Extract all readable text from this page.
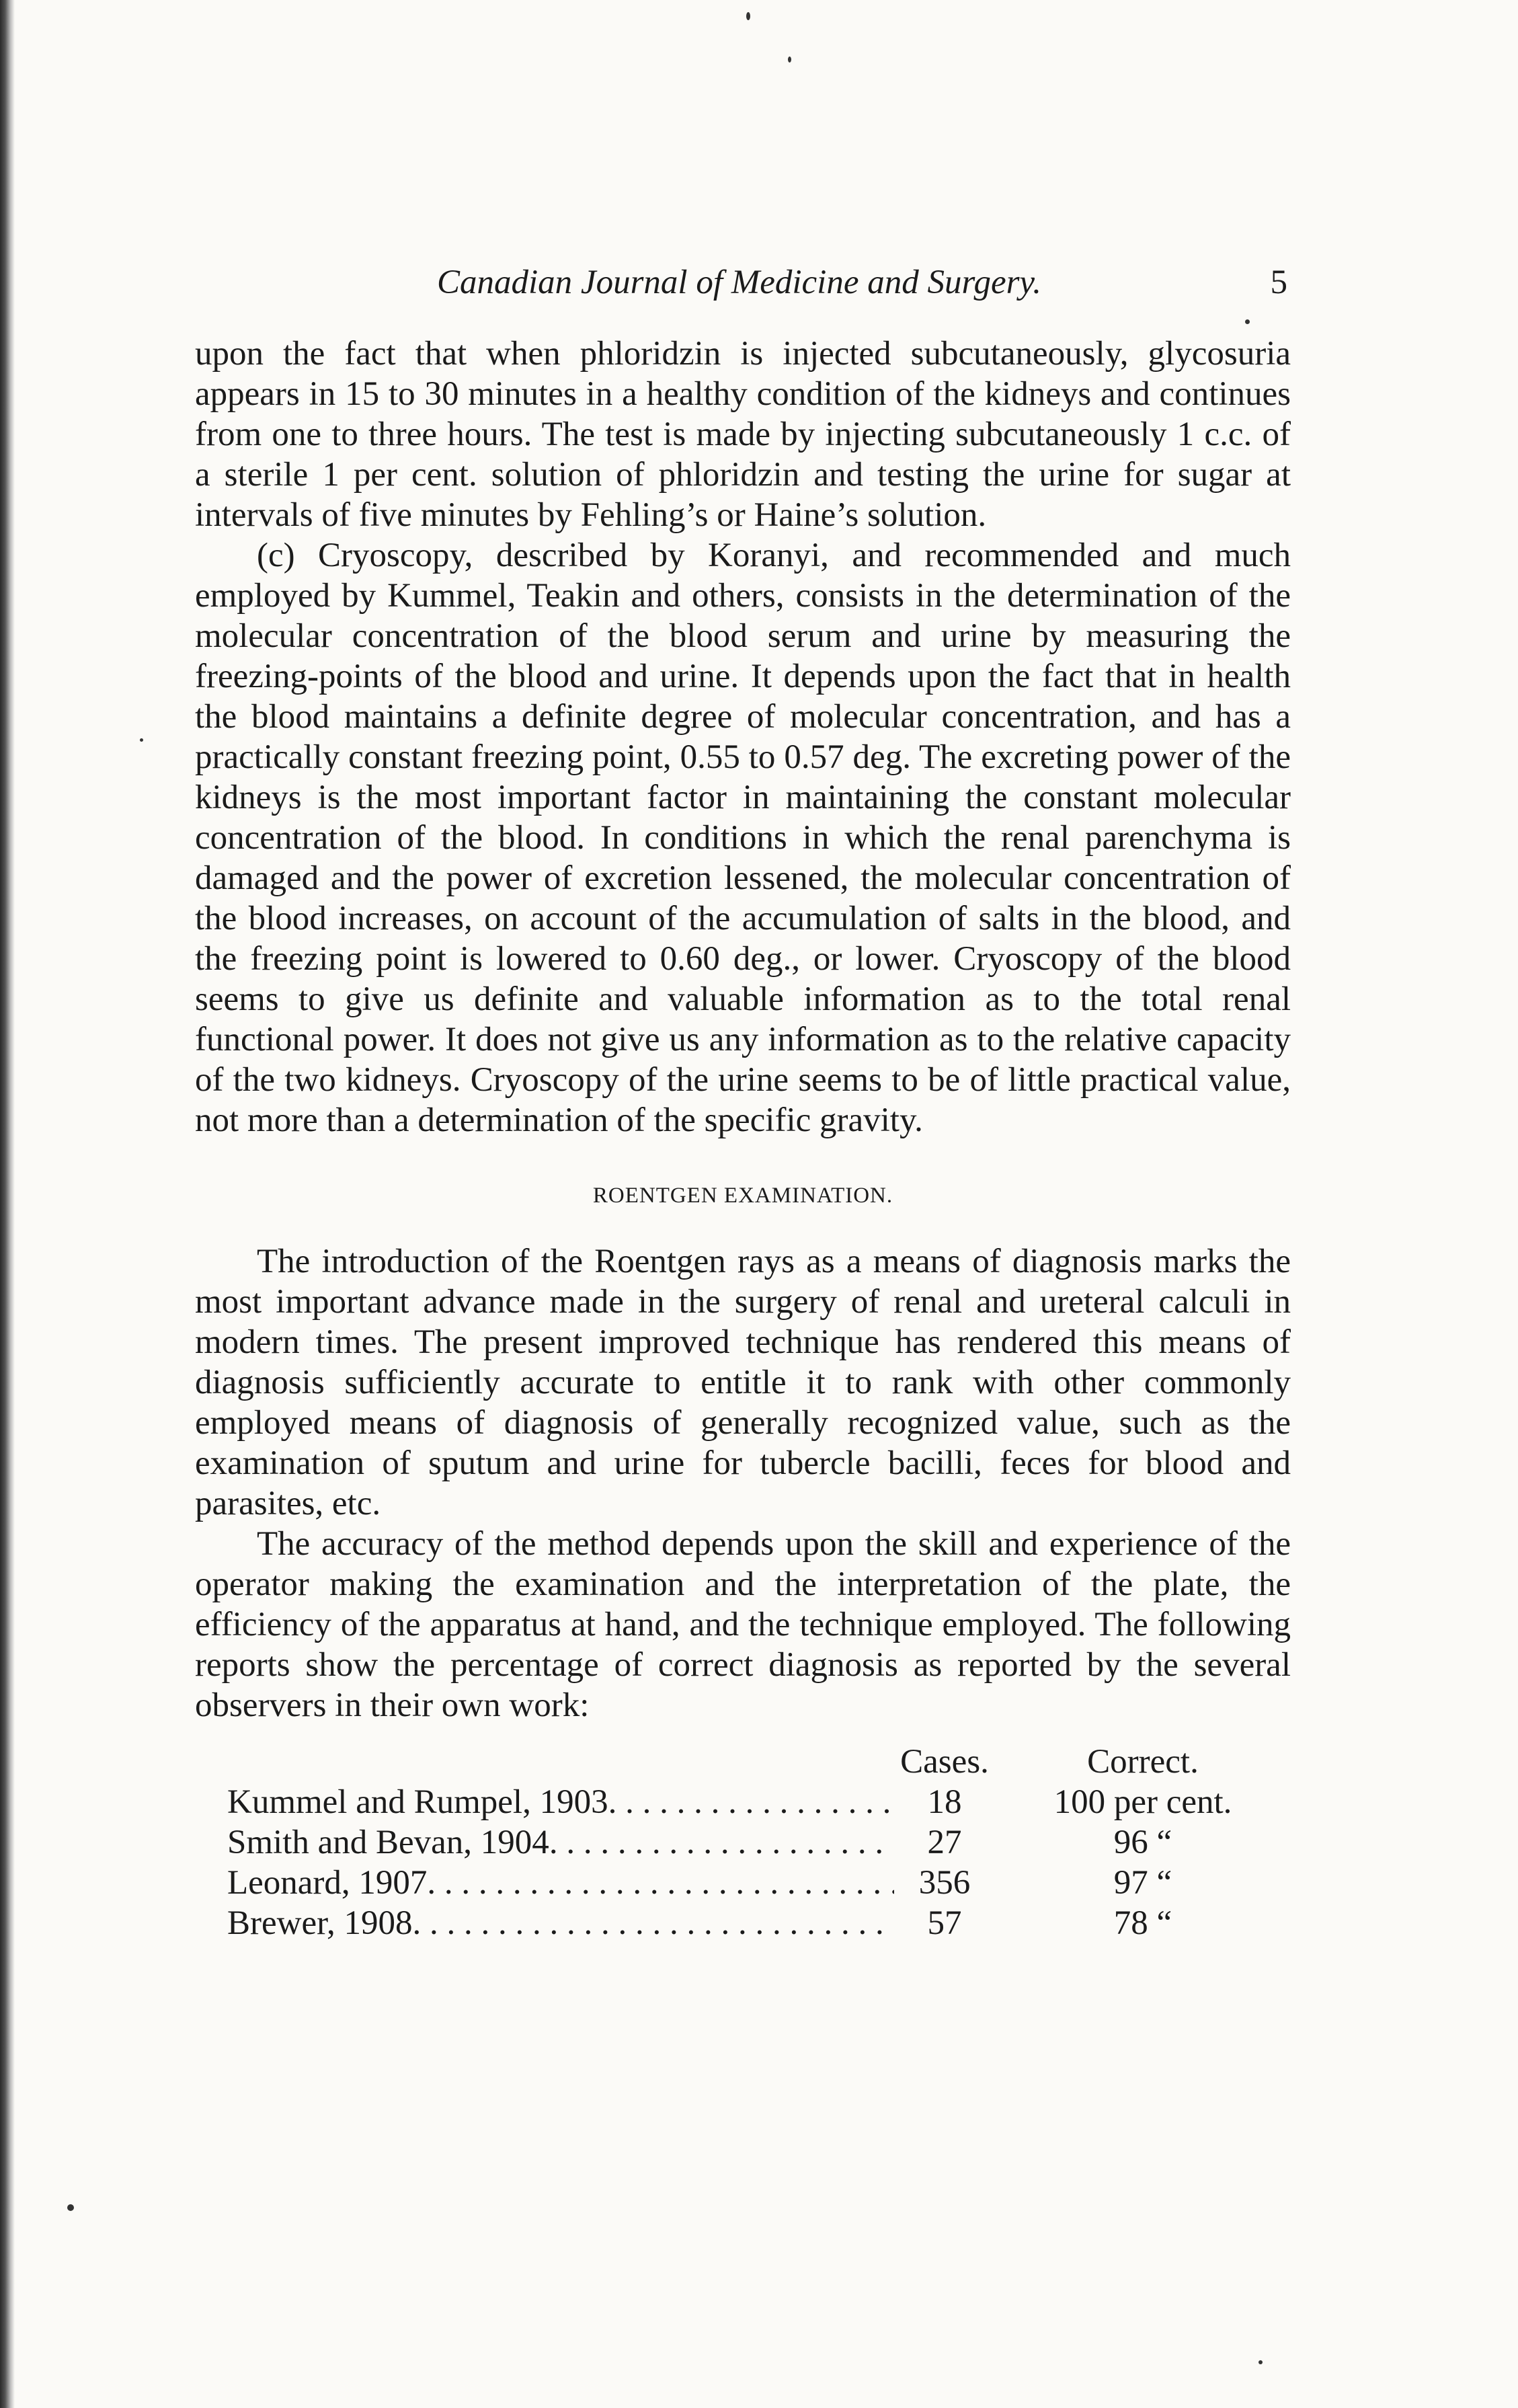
Canadian Journal of Medicine and Surgery.	5

upon the fact that when phloridzin is injected subcutaneously, glycosuria appears in 15 to 30 minutes in a healthy condition of the kidneys and continues from one to three hours. The test is made by injecting subcutaneously 1 c.c. of a sterile 1 per cent. solution of phloridzin and testing the urine for sugar at intervals of five minutes by Fehling’s or Haine’s solution.

(c) Cryoscopy, described by Koranyi, and recommended and much employed by Kummel, Teakin and others, consists in the determination of the molecular concentration of the blood serum and urine by measuring the freezing-points of the blood and urine. It depends upon the fact that in health the blood maintains a definite degree of molecular concentration, and has a practically constant freezing point, 0.55 to 0.57 deg. The excreting power of the kidneys is the most important factor in maintaining the constant molecular concentration of the blood. In conditions in which the renal parenchyma is damaged and the power of excretion lessened, the molecular concentration of the blood increases, on account of the accumulation of salts in the blood, and the freezing point is lowered to 0.60 deg., or lower. Cryoscopy of the blood seems to give us definite and valuable information as to the total renal functional power. It does not give us any information as to the relative capacity of the two kidneys. Cryoscopy of the urine seems to be of little practical value, not more than a determination of the specific gravity.

ROENTGEN EXAMINATION.

The introduction of the Roentgen rays as a means of diagnosis marks the most important advance made in the surgery of renal and ureteral calculi in modern times. The present improved technique has rendered this means of diagnosis sufficiently accurate to entitle it to rank with other commonly employed means of diagnosis of generally recognized value, such as the examination of sputum and urine for tubercle bacilli, feces for blood and parasites, etc.

The accuracy of the method depends upon the skill and experience of the operator making the examination and the interpretation of the plate, the efficiency of the apparatus at hand, and the technique employed. The following reports show the percentage of correct diagnosis as reported by the several observers in their own work:

Cases.	Correct.
Kummel and Rumpel, 1903 . . .	18	100 per cent.
Smith and Bevan, 1904 . . .	27	96 “
Leonard, 1907 . . .	356	97 “
Brewer, 1908 . . .	57	78 “
